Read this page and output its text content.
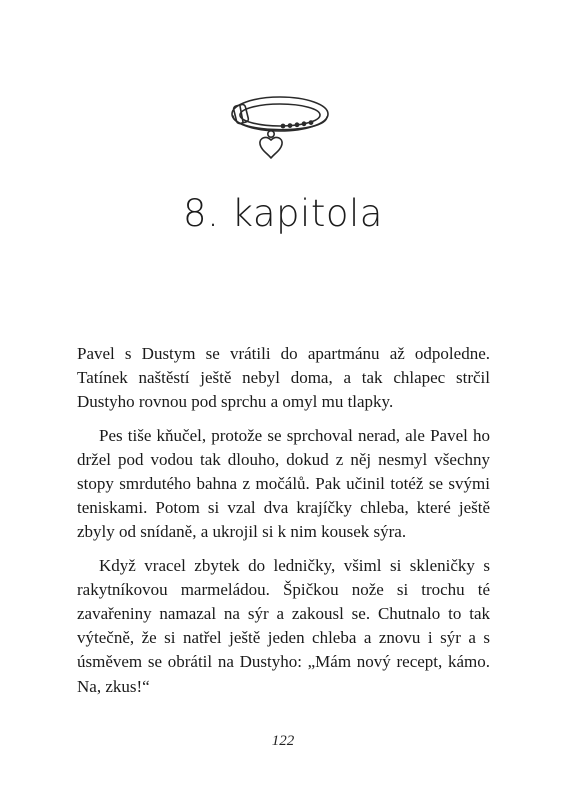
8. kapitola

Pavel s Dustym se vrátili do apartmánu až odpoledne. Tatínek naštěstí ještě nebyl doma, a tak chlapec strčil Dustyho rovnou pod sprchu a omyl mu tlapky.

Pes tiše kňučel, protože se sprchoval nerad, ale Pavel ho držel pod vodou tak dlouho, dokud z něj nesmyl všechny stopy smrdutého bahna z močálů. Pak učinil totéž se svými teniskami. Potom si vzal dva krajíčky chleba, které ještě zbyly od snídaně, a ukrojil si k nim kousek sýra.

Když vracel zbytek do ledničky, všiml si skleničky s rakytníkovou marmeládou. Špičkou nože si trochu té zavařeniny namazal na sýr a zakousl se. Chutnalo to tak výtečně, že si natřel ještě jeden chleba a znovu i sýr a s úsměvem se obrátil na Dustyho: „Mám nový recept, kámo. Na, zkus!“

122
